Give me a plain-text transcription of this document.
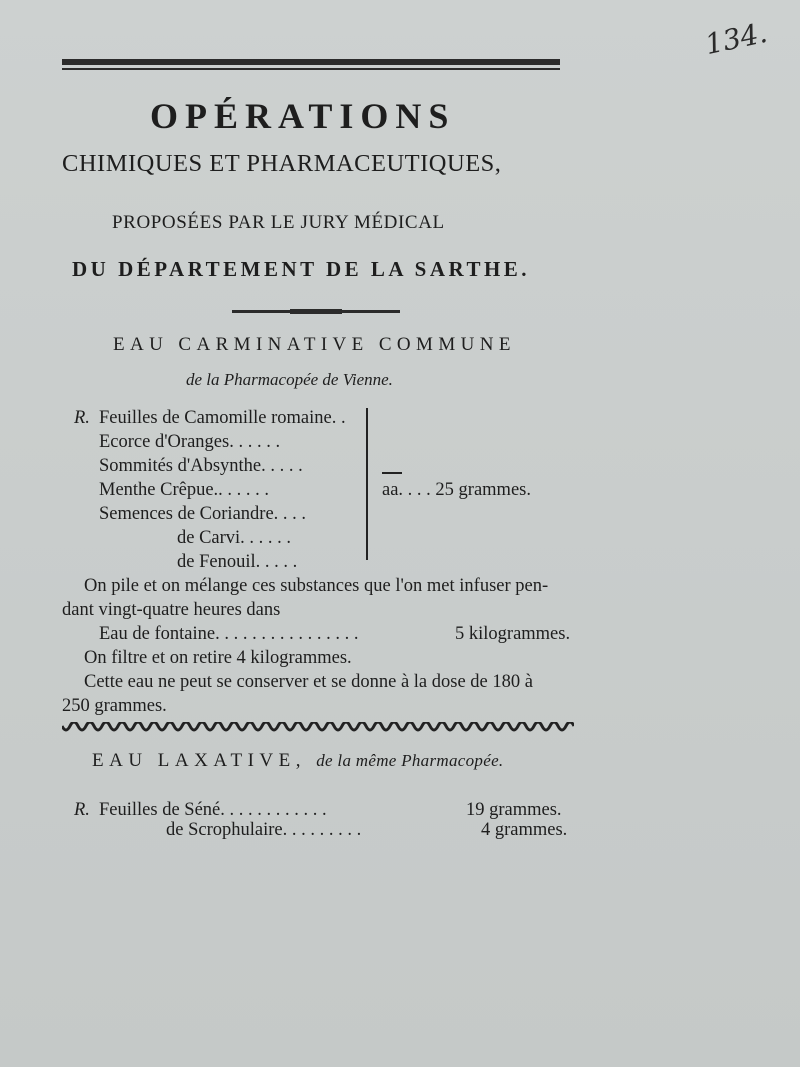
134.
OPÉRATIONS
CHIMIQUES ET PHARMACEUTIQUES,
PROPOSÉES PAR LE JURY MÉDICAL
DU DÉPARTEMENT DE LA SARTHE.
EAU CARMINATIVE COMMUNE
de la Pharmacopée de Vienne.
R. Feuilles de Camomille romaine. .
Ecorce d'Oranges. . . . . .
Sommités d'Absynthe. . . . .
Menthe Crêpue.. . . . . .
Semences de Coriandre. . . .
de Carvi. . . . . .
de Fenouil. . . . .
aa. . . . 25 grammes.
On pile et on mélange ces substances que l'on met infuser pen-
dant vingt-quatre heures dans
Eau de fontaine. . . . . . . . . . . . . . . .	5 kilogrammes.
On filtre et on retire 4 kilogrammes.
Cette eau ne peut se conserver et se donne à la dose de 180 à
250 grammes.
EAU LAXATIVE, de la même Pharmacopée.
R. Feuilles de Séné. . . . . . . . . . . .	19 grammes.
de Scrophulaire. . . . . . . . .	4 grammes.
